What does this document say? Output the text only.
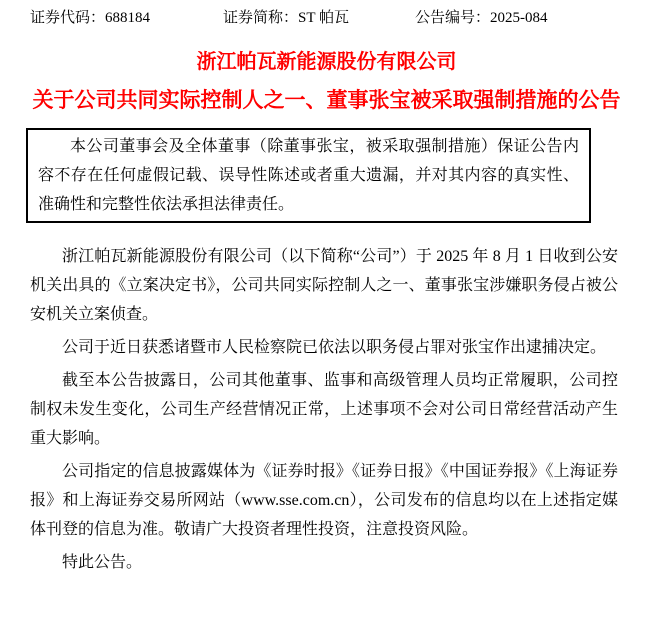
证券代码：688184	证券简称：ST 帕瓦	公告编号：2025-084
浙江帕瓦新能源股份有限公司
关于公司共同实际控制人之一、董事张宝被采取强制措施的公告

本公司董事会及全体董事（除董事张宝，被采取强制措施）保证公告内容不存在任何虚假记载、误导性陈述或者重大遗漏，并对其内容的真实性、准确性和完整性依法承担法律责任。

浙江帕瓦新能源股份有限公司（以下简称“公司”）于 2025 年 8 月 1 日收到公安机关出具的《立案决定书》，公司共同实际控制人之一、董事张宝涉嫌职务侵占被公安机关立案侦查。

公司于近日获悉诸暨市人民检察院已依法以职务侵占罪对张宝作出逮捕决定。

截至本公告披露日，公司其他董事、监事和高级管理人员均正常履职，公司控制权未发生变化，公司生产经营情况正常，上述事项不会对公司日常经营活动产生重大影响。

公司指定的信息披露媒体为《证券时报》《证券日报》《中国证券报》《上海证券报》和上海证券交易所网站（www.sse.com.cn），公司发布的信息均以在上述指定媒体刊登的信息为准。敬请广大投资者理性投资，注意投资风险。

特此公告。
